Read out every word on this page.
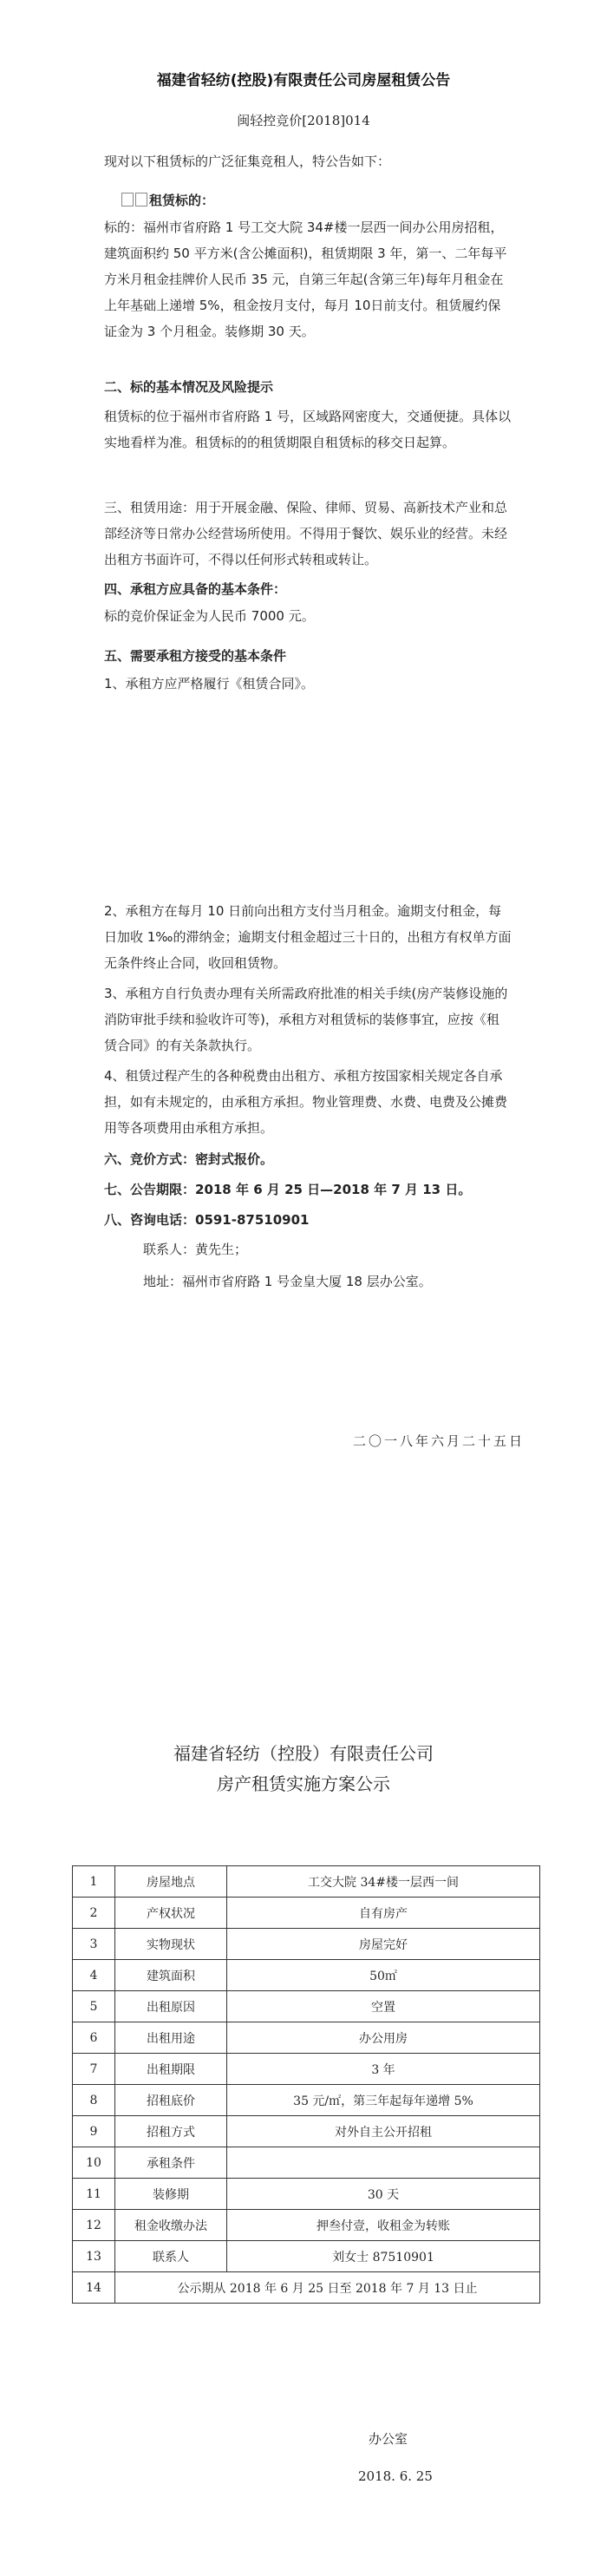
福建省轻纺(控股)有限责任公司房屋租赁公告
闽轻控竞价[2018]014
现对以下租赁标的广泛征集竞租人，特公告如下：
租赁标的：
标的：福州市省府路 1 号工交大院 34#楼一层西一间办公用房招租，建筑面积约 50 平方米(含公摊面积)，租赁期限 3 年，第一、二年每平方米月租金挂牌价人民币 35 元，自第三年起(含第三年)每年月租金在上年基础上递增 5%，租金按月支付，每月 10日前支付。租赁履约保证金为 3 个月租金。装修期 30 天。
二、标的基本情况及风险提示
租赁标的位于福州市省府路 1 号，区域路网密度大，交通便捷。具体以实地看样为准。租赁标的的租赁期限自租赁标的移交日起算。
三、租赁用途：用于开展金融、保险、律师、贸易、高新技术产业和总部经济等日常办公经营场所使用。不得用于餐饮、娱乐业的经营。未经出租方书面许可，不得以任何形式转租或转让。
四、承租方应具备的基本条件：
标的竞价保证金为人民币 7000 元。
五、需要承租方接受的基本条件
1、承租方应严格履行《租赁合同》。
2、承租方在每月 10 日前向出租方支付当月租金。逾期支付租金，每日加收 1‰的滞纳金；逾期支付租金超过三十日的，出租方有权单方面无条件终止合同，收回租赁物。
3、承租方自行负责办理有关所需政府批准的相关手续(房产装修设施的消防审批手续和验收许可等)，承租方对租赁标的装修事宜，应按《租赁合同》的有关条款执行。
4、租赁过程产生的各种税费由出租方、承租方按国家相关规定各自承担，如有未规定的，由承租方承担。物业管理费、水费、电费及公摊费用等各项费用由承租方承担。
六、竞价方式：密封式报价。
七、公告期限：2018 年 6 月 25 日—2018 年 7 月 13 日。
八、咨询电话：0591-87510901
联系人：黄先生；
地址：福州市省府路 1 号金皇大厦 18 层办公室。
二〇一八年六月二十五日
福建省轻纺（控股）有限责任公司
房产租赁实施方案公示
1	房屋地点	工交大院 34#楼一层西一间
2	产权状况	自有房产
3	实物现状	房屋完好
4	建筑面积	50㎡
5	出租原因	空置
6	出租用途	办公用房
7	出租期限	3 年
8	招租底价	35 元/㎡，第三年起每年递增 5%
9	招租方式	对外自主公开招租
10	承租条件	
11	装修期	30 天
12	租金收缴办法	押叁付壹，收租金为转账
13	联系人	刘女士 87510901
14	公示期从 2018 年 6 月 25 日至 2018 年 7 月 13 日止	
办公室
2018. 6. 25
